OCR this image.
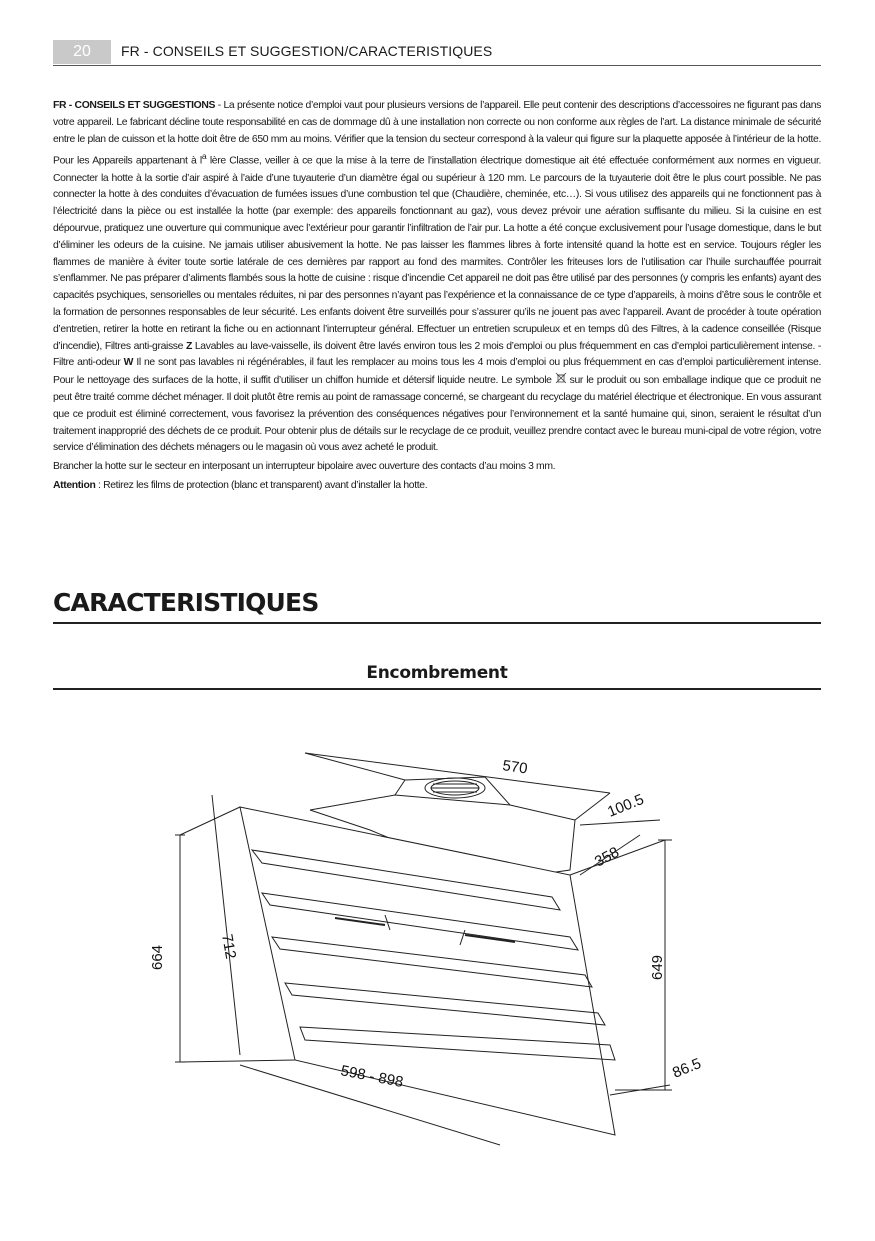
20	FR - CONSEILS ET SUGGESTION/CARACTERISTIQUES

FR - CONSEILS ET SUGGESTIONS - La présente notice d’emploi vaut pour plusieurs versions de l’appareil. Elle peut contenir des descriptions d’accessoires ne figurant pas dans votre appareil. Le fabricant décline toute responsabilité en cas de dommage dû à une installation non correcte ou non conforme aux règles de l’art. La distance minimale de sécurité entre le plan de cuisson et la hotte doit être de 650 mm au moins. Vérifier que la tension du secteur correspond à la valeur qui figure sur la plaquette apposée à l’intérieur de la hotte. Pour les Appareils appartenant à $l^a$ lère Classe, veiller à ce que la mise à la terre de l’installation électrique domestique ait été effectuée conformément aux normes en vigueur. Connecter la hotte à la sortie d’air aspiré à l’aide d’une tuyauterie d’un diamètre égal ou supérieur à 120 mm. Le parcours de la tuyauterie doit être le plus court possible. Ne pas connecter la hotte à des conduites d’évacuation de fumées issues d’une combustion tel que (Chaudière, cheminée, etc…). Si vous utilisez des appareils qui ne fonctionnent pas à l’électricité dans la pièce ou est installée la hotte (par exemple: des appareils fonctionnant au gaz), vous devez prévoir une aération suffisante du milieu. Si la cuisine en est dépourvue, pratiquez une ouverture qui communique avec l’extérieur pour garantir l’infiltration de l’air pur. La hotte a été conçue exclusivement pour l’usage domestique, dans le but d’éliminer les odeurs de la cuisine. Ne jamais utiliser abusivement la hotte. Ne pas laisser les flammes libres à forte intensité quand la hotte est en service. Toujours régler les flammes de manière à éviter toute sortie latérale de ces dernières par rapport au fond des marmites. Contrôler les friteuses lors de l’utilisation car l’huile surchauffée pourrait s’enflammer. Ne pas préparer d’aliments flambés sous la hotte de cuisine : risque d’incendie Cet appareil ne doit pas être utilisé par des personnes (y compris les enfants) ayant des capacités psychiques, sensorielles ou mentales réduites, ni par des personnes n’ayant pas l’expérience et la connaissance de ce type d’appareils, à moins d’être sous le contrôle et la formation de personnes responsables de leur sécurité. Les enfants doivent être surveillés pour s’assurer qu’ils ne jouent pas avec l’appareil. Avant de procéder à toute opération d’entretien, retirer la hotte en retirant la fiche ou en actionnant l’interrupteur général. Effectuer un entretien scrupuleux et en temps dû des Filtres, à la cadence conseillée (Risque d’incendie), Filtres anti-graisse Z Lavables au lave-vaisselle, ils doivent être lavés environ tous les 2 mois d’emploi ou plus fréquemment en cas d’emploi particulièrement intense. - Filtre anti-odeur W Il ne sont pas lavables ni régénérables, il faut les remplacer au moins tous les 4 mois d’emploi ou plus fréquemment en cas d’emploi particulièrement intense. Pour le nettoyage des surfaces de la hotte, il suffit d’utiliser un chiffon humide et détersif liquide neutre. Le symbole sur le produit ou son emballage indique que ce produit ne peut être traité comme déchet ménager. Il doit plutôt être remis au point de ramassage concerné, se chargeant du recyclage du matériel électrique et électronique. En vous assurant que ce produit est éliminé correctement, vous favorisez la prévention des conséquences négatives pour l’environnement et la santé humaine qui, sinon, seraient le résultat d’un traitement inapproprié des déchets de ce produit. Pour obtenir plus de détails sur le recyclage de ce produit, veuillez prendre contact avec le bureau muni-cipal de votre région, votre service d’élimination des déchets ménagers ou le magasin où vous avez acheté le produit.

Brancher la hotte sur le secteur en interposant un interrupteur bipolaire avec ouverture des contacts d’au moins 3 mm.

Attention : Retirez les films de protection (blanc et transparent) avant d’installer la hotte.

CARACTERISTIQUES
Encombrement
570
100.5
358
664	712
649
598 - 898	86.5
